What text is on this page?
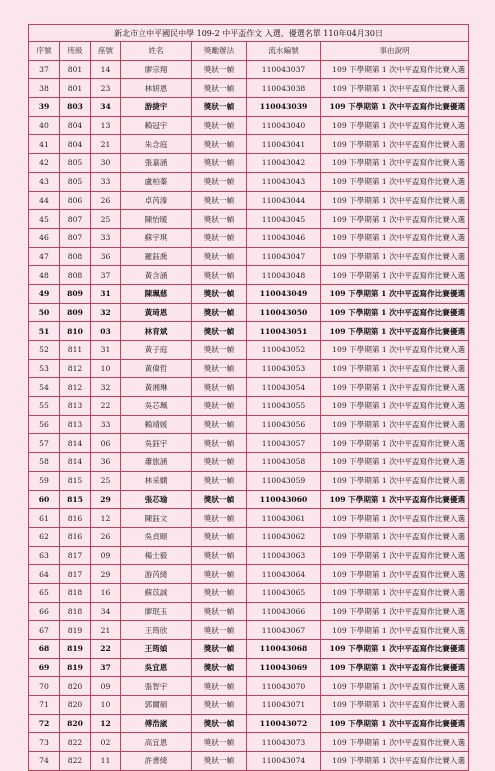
新北市立中平國民中學 109-2 中平盃作文 入選、優選名單 110年04月30日						
序號	班級	座號	姓名	獎勵辦法	流水編號	事由說明
37	801	14	廖宗翔	獎狀一幀	110043037	109 下學期第 1 次中平盃寫作比賽入選
38	801	23	林妍恩	獎狀一幀	110043038	109 下學期第 1 次中平盃寫作比賽入選
39	803	34	游捷宇	獎狀一幀	110043039	109 下學期第 1 次中平盃寫作比賽優選
40	804	13	賴冠宇	獎狀一幀	110043040	109 下學期第 1 次中平盃寫作比賽入選
41	804	21	朱念庭	獎狀一幀	110043041	109 下學期第 1 次中平盃寫作比賽入選
42	805	30	張嘉涵	獎狀一幀	110043042	109 下學期第 1 次中平盃寫作比賽入選
43	805	33	盧柏蓁	獎狀一幀	110043043	109 下學期第 1 次中平盃寫作比賽入選
44	806	26	卓芮溱	獎狀一幀	110043044	109 下學期第 1 次中平盃寫作比賽入選
45	807	25	陳怡暖	獎狀一幀	110043045	109 下學期第 1 次中平盃寫作比賽入選
46	807	33	蘇宇琪	獎狀一幀	110043046	109 下學期第 1 次中平盃寫作比賽入選
47	808	36	羅鈺喬	獎狀一幀	110043047	109 下學期第 1 次中平盃寫作比賽入選
48	808	37	黃含涵	獎狀一幀	110043048	109 下學期第 1 次中平盃寫作比賽入選
49	809	31	陳珮慈	獎狀一幀	110043049	109 下學期第 1 次中平盃寫作比賽優選
50	809	32	黃琦恩	獎狀一幀	110043050	109 下學期第 1 次中平盃寫作比賽優選
51	810	03	林育斌	獎狀一幀	110043051	109 下學期第 1 次中平盃寫作比賽優選
52	811	31	黃子庭	獎狀一幀	110043052	109 下學期第 1 次中平盃寫作比賽入選
53	812	10	黃偉哲	獎狀一幀	110043053	109 下學期第 1 次中平盃寫作比賽入選
54	812	32	黃湘琳	獎狀一幀	110043054	109 下學期第 1 次中平盃寫作比賽入選
55	813	22	吳芯珮	獎狀一幀	110043055	109 下學期第 1 次中平盃寫作比賽入選
56	813	33	賴靖媛	獎狀一幀	110043056	109 下學期第 1 次中平盃寫作比賽入選
57	814	06	吳鈺宇	獎狀一幀	110043057	109 下學期第 1 次中平盃寫作比賽入選
58	814	36	蕭旅涵	獎狀一幀	110043058	109 下學期第 1 次中平盃寫作比賽入選
59	815	25	林采嫻	獎狀一幀	110043059	109 下學期第 1 次中平盃寫作比賽入選
60	815	29	張芯瑜	獎狀一幀	110043060	109 下學期第 1 次中平盃寫作比賽優選
61	816	12	陳鈺文	獎狀一幀	110043061	109 下學期第 1 次中平盃寫作比賽入選
62	816	26	吳貞頤	獎狀一幀	110043062	109 下學期第 1 次中平盃寫作比賽入選
63	817	09	楊士毅	獎狀一幀	110043063	109 下學期第 1 次中平盃寫作比賽入選
64	817	29	游芮綺	獎狀一幀	110043064	109 下學期第 1 次中平盃寫作比賽入選
65	818	16	蘇苡誠	獎狀一幀	110043065	109 下學期第 1 次中平盃寫作比賽入選
66	818	34	廖珉玉	獎狀一幀	110043066	109 下學期第 1 次中平盃寫作比賽入選
67	819	21	王筠欣	獎狀一幀	110043067	109 下學期第 1 次中平盃寫作比賽入選
68	819	22	王筠媜	獎狀一幀	110043068	109 下學期第 1 次中平盃寫作比賽優選
69	819	37	吳宜恩	獎狀一幀	110043069	109 下學期第 1 次中平盃寫作比賽優選
70	820	09	張智宇	獎狀一幀	110043070	109 下學期第 1 次中平盃寫作比賽入選
71	820	10	郭爾碩	獎狀一幀	110043071	109 下學期第 1 次中平盃寫作比賽入選
72	820	12	傅浩崴	獎狀一幀	110043072	109 下學期第 1 次中平盃寫作比賽優選
73	822	02	高宜恩	獎狀一幀	110043073	109 下學期第 1 次中平盃寫作比賽入選
74	822	11	許書綺	獎狀一幀	110043074	109 下學期第 1 次中平盃寫作比賽入選
